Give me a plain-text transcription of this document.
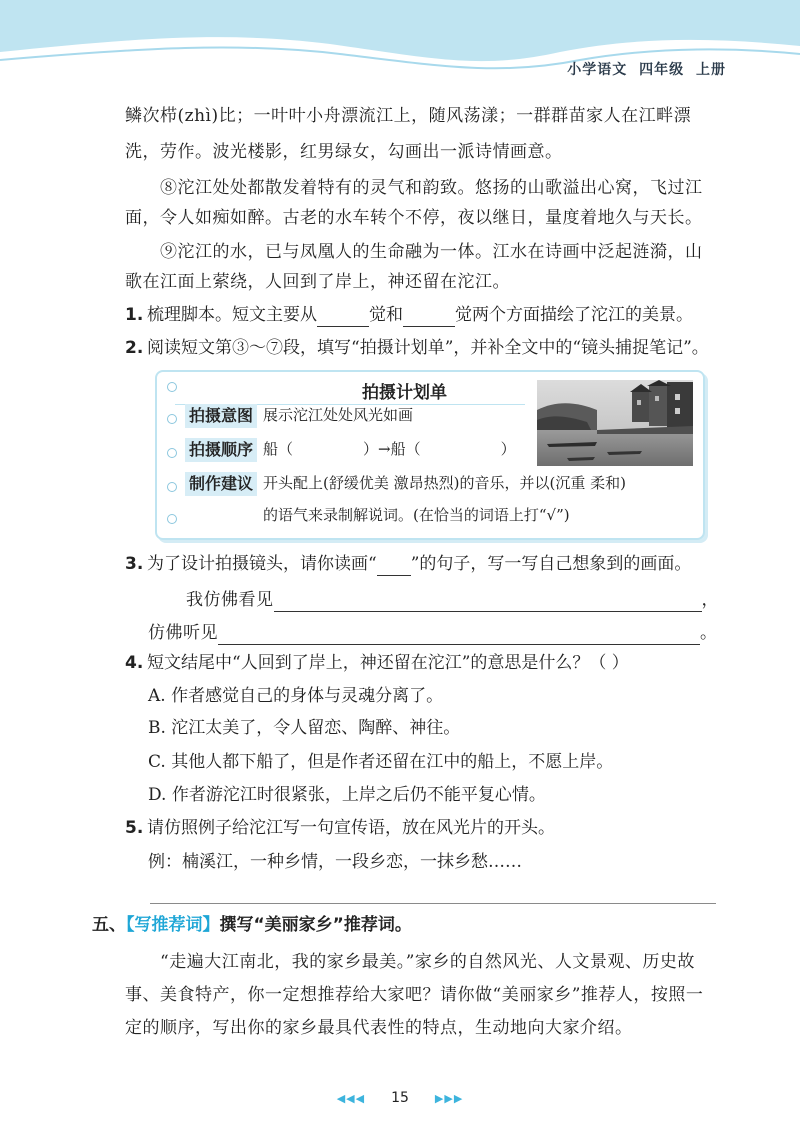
小学语文 四年级 上册
鳞次栉(zhì)比；一叶叶小舟漂流江上，随风荡漾；一群群苗家人在江畔漂
洗，劳作。波光楼影，红男绿女，勾画出一派诗情画意。
⑧沱江处处都散发着特有的灵气和韵致。悠扬的山歌溢出心窝，飞过江
面，令人如痴如醉。古老的水车转个不停，夜以继日，量度着地久与天长。
⑨沱江的水，已与凤凰人的生命融为一体。江水在诗画中泛起涟漪，山
歌在江面上萦绕，人回到了岸上，神还留在沱江。
1. 梳理脚本。短文主要从	觉和	觉两个方面描绘了沱江的美景。
2. 阅读短文第③～⑦段，填写“拍摄计划单”，并补全文中的“镜头捕捉笔记”。
拍摄计划单
拍摄意图 展示沱江处处风光如画
拍摄顺序 船（	）→船（	）
制作建议 开头配上(舒缓优美 激昂热烈)的音乐，并以(沉重 柔和)
的语气来录制解说词。(在恰当的词语上打“√”)
3. 为了设计拍摄镜头，请你读画“ ”的句子，写一写自己想象到的画面。
我仿佛看见	，
仿佛听见	。
4. 短文结尾中“人回到了岸上，神还留在沱江”的意思是什么？（ ）
A. 作者感觉自己的身体与灵魂分离了。
B. 沱江太美了，令人留恋、陶醉、神往。
C. 其他人都下船了，但是作者还留在江中的船上，不愿上岸。
D. 作者游沱江时很紧张，上岸之后仍不能平复心情。
5. 请仿照例子给沱江写一句宣传语，放在风光片的开头。
例：楠溪江，一种乡情，一段乡恋，一抹乡愁……
五、【写推荐词】撰写“美丽家乡”推荐词。
“走遍大江南北，我的家乡最美。”家乡的自然风光、人文景观、历史故
事、美食特产，你一定想推荐给大家吧？请你做“美丽家乡”推荐人，按照一
定的顺序，写出你的家乡最具代表性的特点，生动地向大家介绍。
◀◀◀ 15 ▶▶▶
